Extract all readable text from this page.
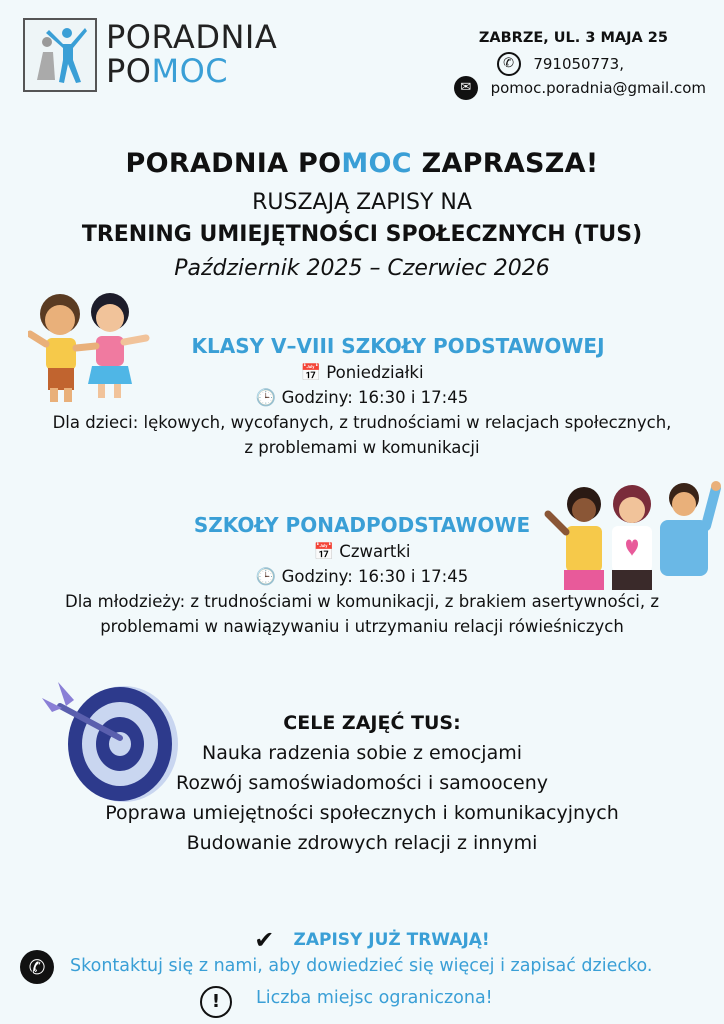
PORADNIA
POMOC
ZABRZE, UL. 3 MAJA 25
✆ 791050773,
✉ pomoc.poradnia@gmail.com
PORADNIA POMOC ZAPRASZA!
RUSZAJĄ ZAPISY NA
TRENING UMIEJĘTNOŚCI SPOŁECZNYCH (TUS)
Październik 2025 – Czerwiec 2026
KLASY V–VIII SZKOŁY PODSTAWOWEJ
📅 Poniedziałki
🕒 Godziny: 16:30 i 17:45
Dla dzieci: lękowych, wycofanych, z trudnościami w relacjach społecznych,
z problemami w komunikacji
SZKOŁY PONADPODSTAWOWE
📅 Czwartki
🕒 Godziny: 16:30 i 17:45
Dla młodzieży: z trudnościami w komunikacji, z brakiem asertywności, z
problemami w nawiązywaniu i utrzymaniu relacji rówieśniczych
CELE ZAJĘĆ TUS:
Nauka radzenia sobie z emocjami
Rozwój samoświadomości i samooceny
Poprawa umiejętności społecznych i komunikacyjnych
Budowanie zdrowych relacji z innymi
✔ ZAPISY JUŻ TRWAJĄ!
✆	Skontaktuj się z nami, aby dowiedzieć się więcej i zapisać dziecko.
!	Liczba miejsc ograniczona!
